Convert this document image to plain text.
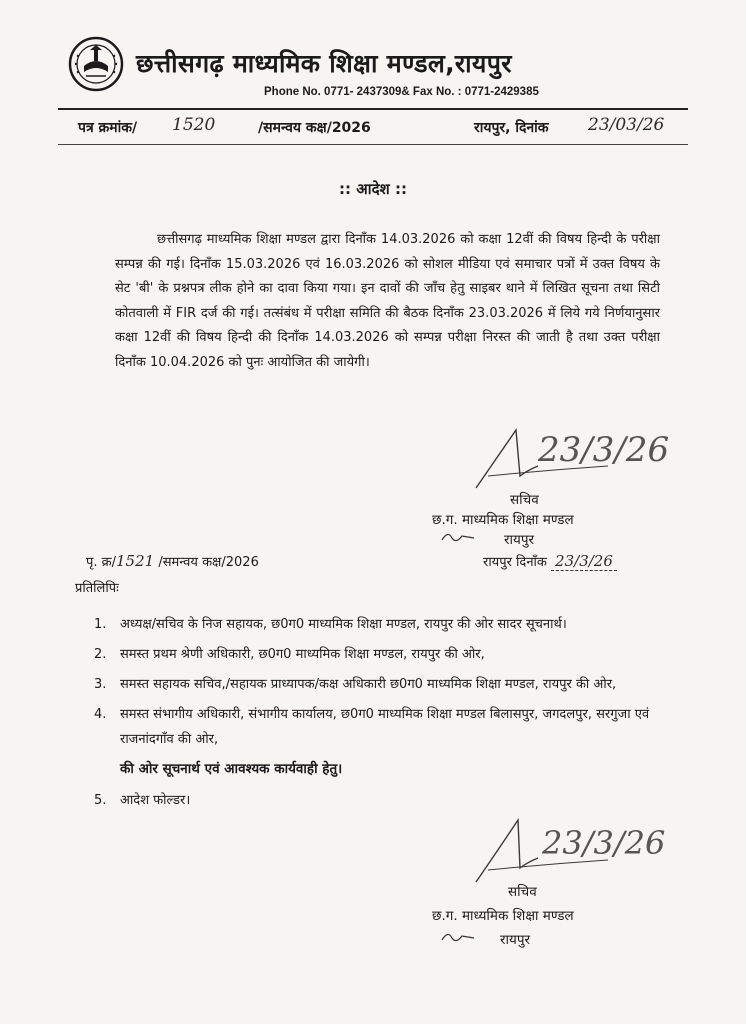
छत्तीसगढ़ माध्यमिक शिक्षा मण्डल,रायपुर
Phone No. 0771- 2437309& Fax No. : 0771-2429385
पत्र क्रमांक/ 1520	/समन्वय कक्ष/2026	रायपुर, दिनांक 23/03/26
:: आदेश ::
छत्तीसगढ़ माध्यमिक शिक्षा मण्डल द्वारा दिनाँक 14.03.2026 को कक्षा 12वीं की विषय हिन्दी के परीक्षा सम्पन्न की गई। दिनाँक 15.03.2026 एवं 16.03.2026 को सोशल मीडिया एवं समाचार पत्रों में उक्त विषय के सेट 'बी' के प्रश्नपत्र लीक होने का दावा किया गया। इन दावों की जाँच हेतु साइबर थाने में लिखित सूचना तथा सिटी कोतवाली में FIR दर्ज की गई। तत्संबंध में परीक्षा समिति की बैठक दिनाँक 23.03.2026 में लिये गये निर्णयानुसार कक्षा 12वीं की विषय हिन्दी की दिनाँक 14.03.2026 को सम्पन्न परीक्षा निरस्त की जाती है तथा उक्त परीक्षा दिनाँक 10.04.2026 को पुनः आयोजित की जायेगी।
23/3/26
सचिव
छ.ग. माध्यमिक शिक्षा मण्डल
रायपुर
पृ. क्र/1521 /समन्वय कक्ष/2026	रायपुर दिनाँक 23/3/26
प्रतिलिपिः
1. अध्यक्ष/सचिव के निज सहायक, छ0ग0 माध्यमिक शिक्षा मण्डल, रायपुर की ओर सादर सूचनार्थ।
2. समस्त प्रथम श्रेणी अधिकारी, छ0ग0 माध्यमिक शिक्षा मण्डल, रायपुर की ओर,
3. समस्त सहायक सचिव,/सहायक प्राध्यापक/कक्ष अधिकारी छ0ग0 माध्यमिक शिक्षा मण्डल, रायपुर की ओर,
4. समस्त संभागीय अधिकारी, संभागीय कार्यालय, छ0ग0 माध्यमिक शिक्षा मण्डल बिलासपुर, जगदलपुर, सरगुजा एवं राजनांदगाँव की ओर,
की ओर सूचनार्थ एवं आवश्यक कार्यवाही हेतु।
5. आदेश फोल्डर।
23/3/26
सचिव
छ.ग. माध्यमिक शिक्षा मण्डल
रायपुर
